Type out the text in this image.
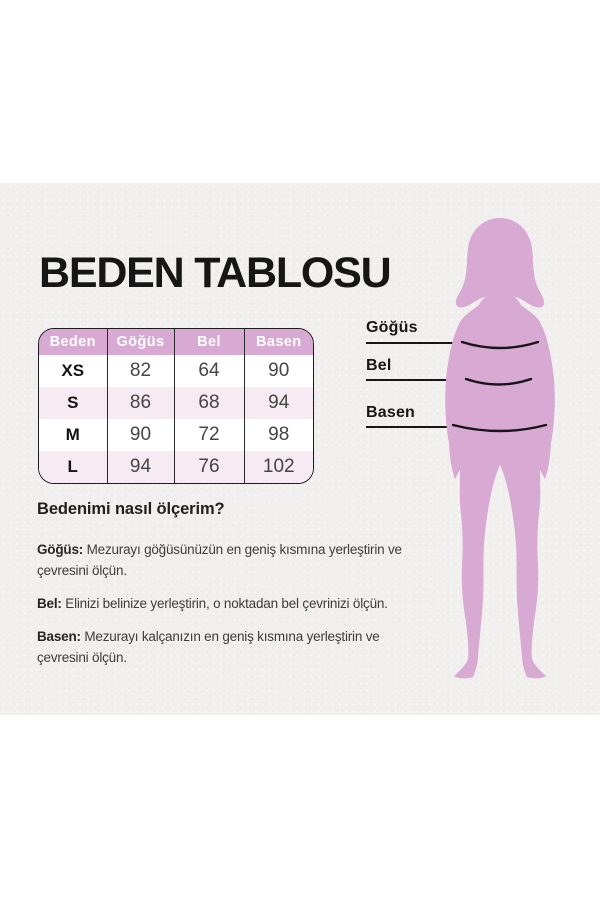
BEDEN TABLOSU
Beden	Göğüs	Bel	Basen
XS	82	64	90
S	86	68	94
M	90	72	98
L	94	76	102
Göğüs
Bel
Basen
Bedenimi nasıl ölçerim?

Göğüs: Mezurayı göğüsünüzün en geniş kısmına yerleştirin ve çevresini ölçün.

Bel: Elinizi belinize yerleştirin, o noktadan bel çevrinizi ölçün.

Basen: Mezurayı kalçanızın en geniş kısmına yerleştirin ve çevresini ölçün.
